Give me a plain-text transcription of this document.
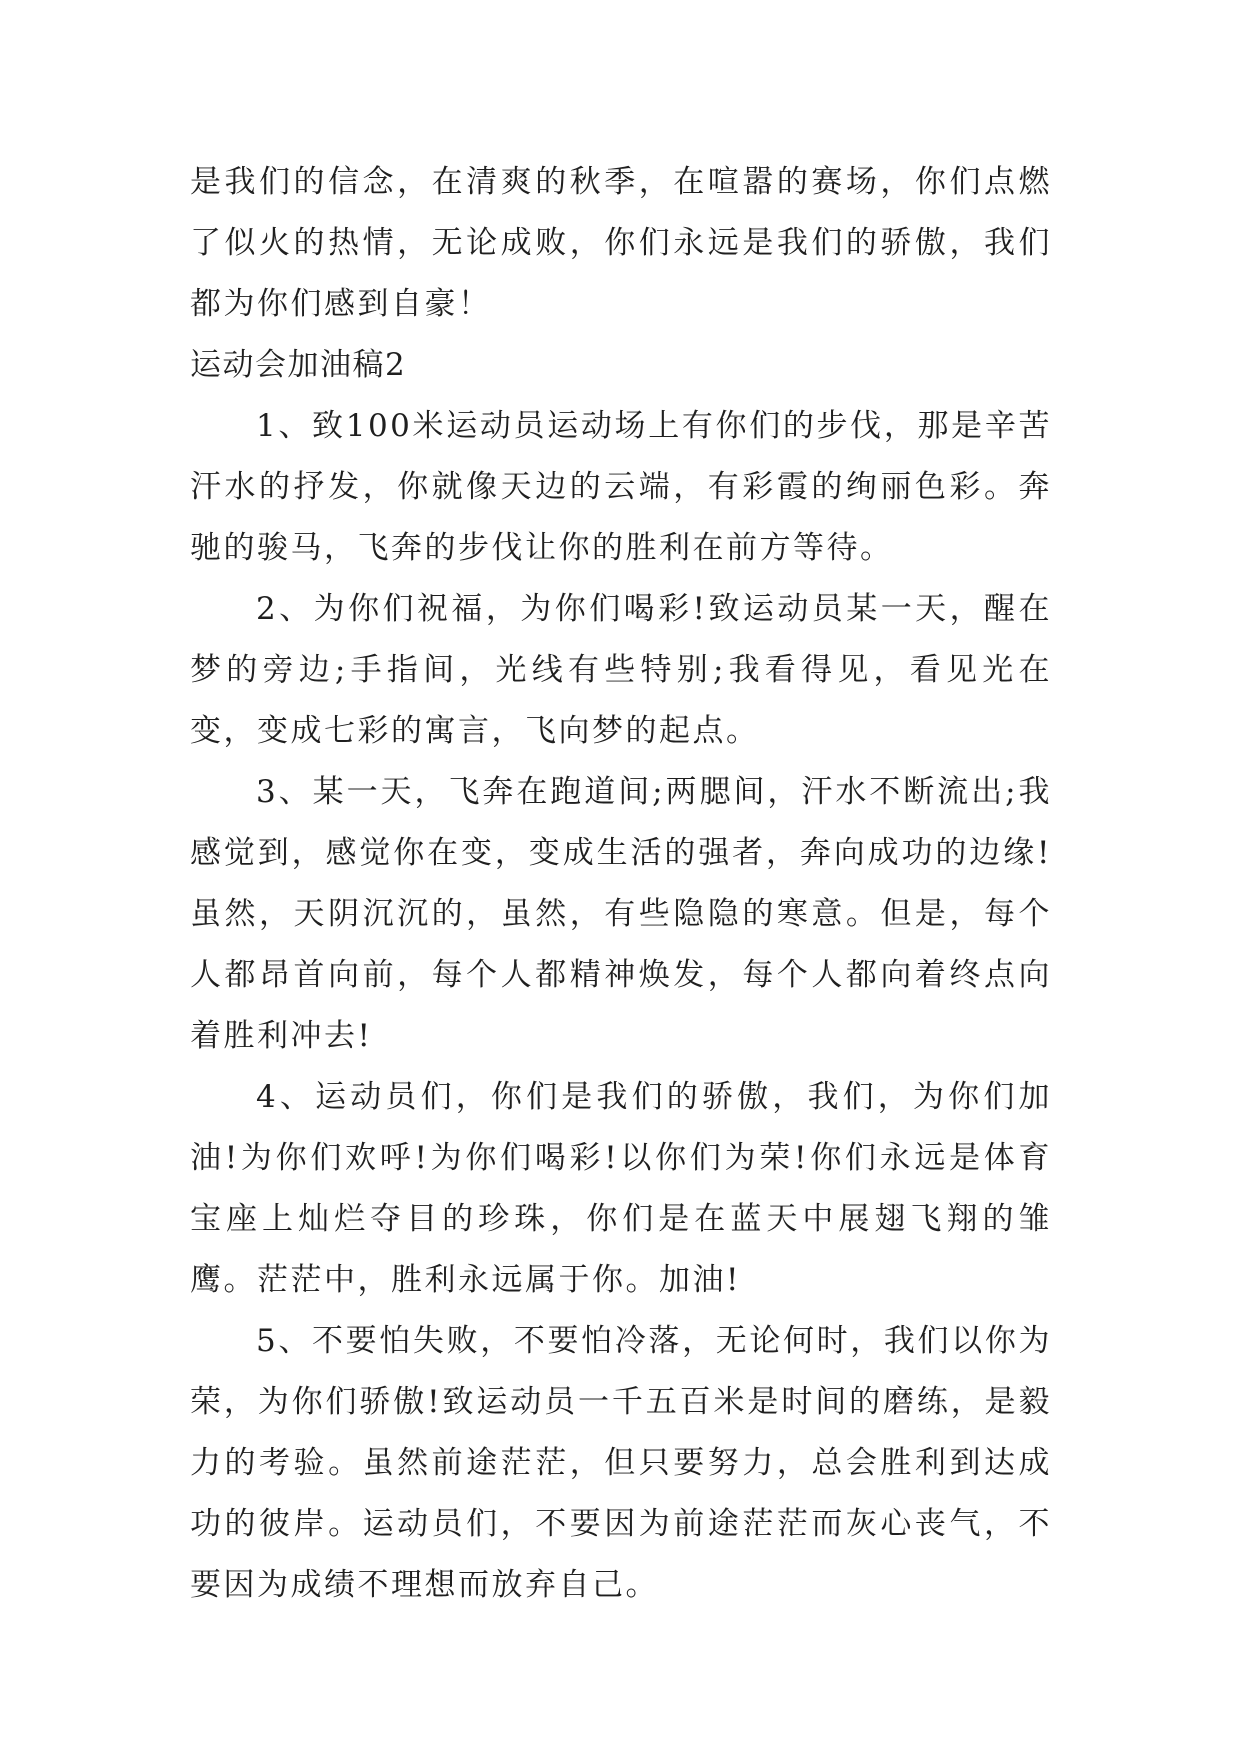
是我们的信念，在清爽的秋季，在喧嚣的赛场，你们点燃了似火的热情，无论成败，你们永远是我们的骄傲，我们都为你们感到自豪！

运动会加油稿2

1、致100米运动员运动场上有你们的步伐，那是辛苦汗水的抒发，你就像天边的云端，有彩霞的绚丽色彩。奔驰的骏马，飞奔的步伐让你的胜利在前方等待。

2、为你们祝福，为你们喝彩!致运动员某一天，醒在梦的旁边;手指间，光线有些特别;我看得见，看见光在变，变成七彩的寓言，飞向梦的起点。

3、某一天，飞奔在跑道间;两腮间，汗水不断流出;我感觉到，感觉你在变，变成生活的强者，奔向成功的边缘!虽然，天阴沉沉的，虽然，有些隐隐的寒意。但是，每个人都昂首向前，每个人都精神焕发，每个人都向着终点向着胜利冲去!

4、运动员们，你们是我们的骄傲，我们，为你们加油!为你们欢呼!为你们喝彩!以你们为荣!你们永远是体育宝座上灿烂夺目的珍珠，你们是在蓝天中展翅飞翔的雏鹰。茫茫中，胜利永远属于你。加油!

5、不要怕失败，不要怕冷落，无论何时，我们以你为荣，为你们骄傲!致运动员一千五百米是时间的磨练，是毅力的考验。虽然前途茫茫，但只要努力，总会胜利到达成功的彼岸。运动员们，不要因为前途茫茫而灰心丧气，不要因为成绩不理想而放弃自己。
